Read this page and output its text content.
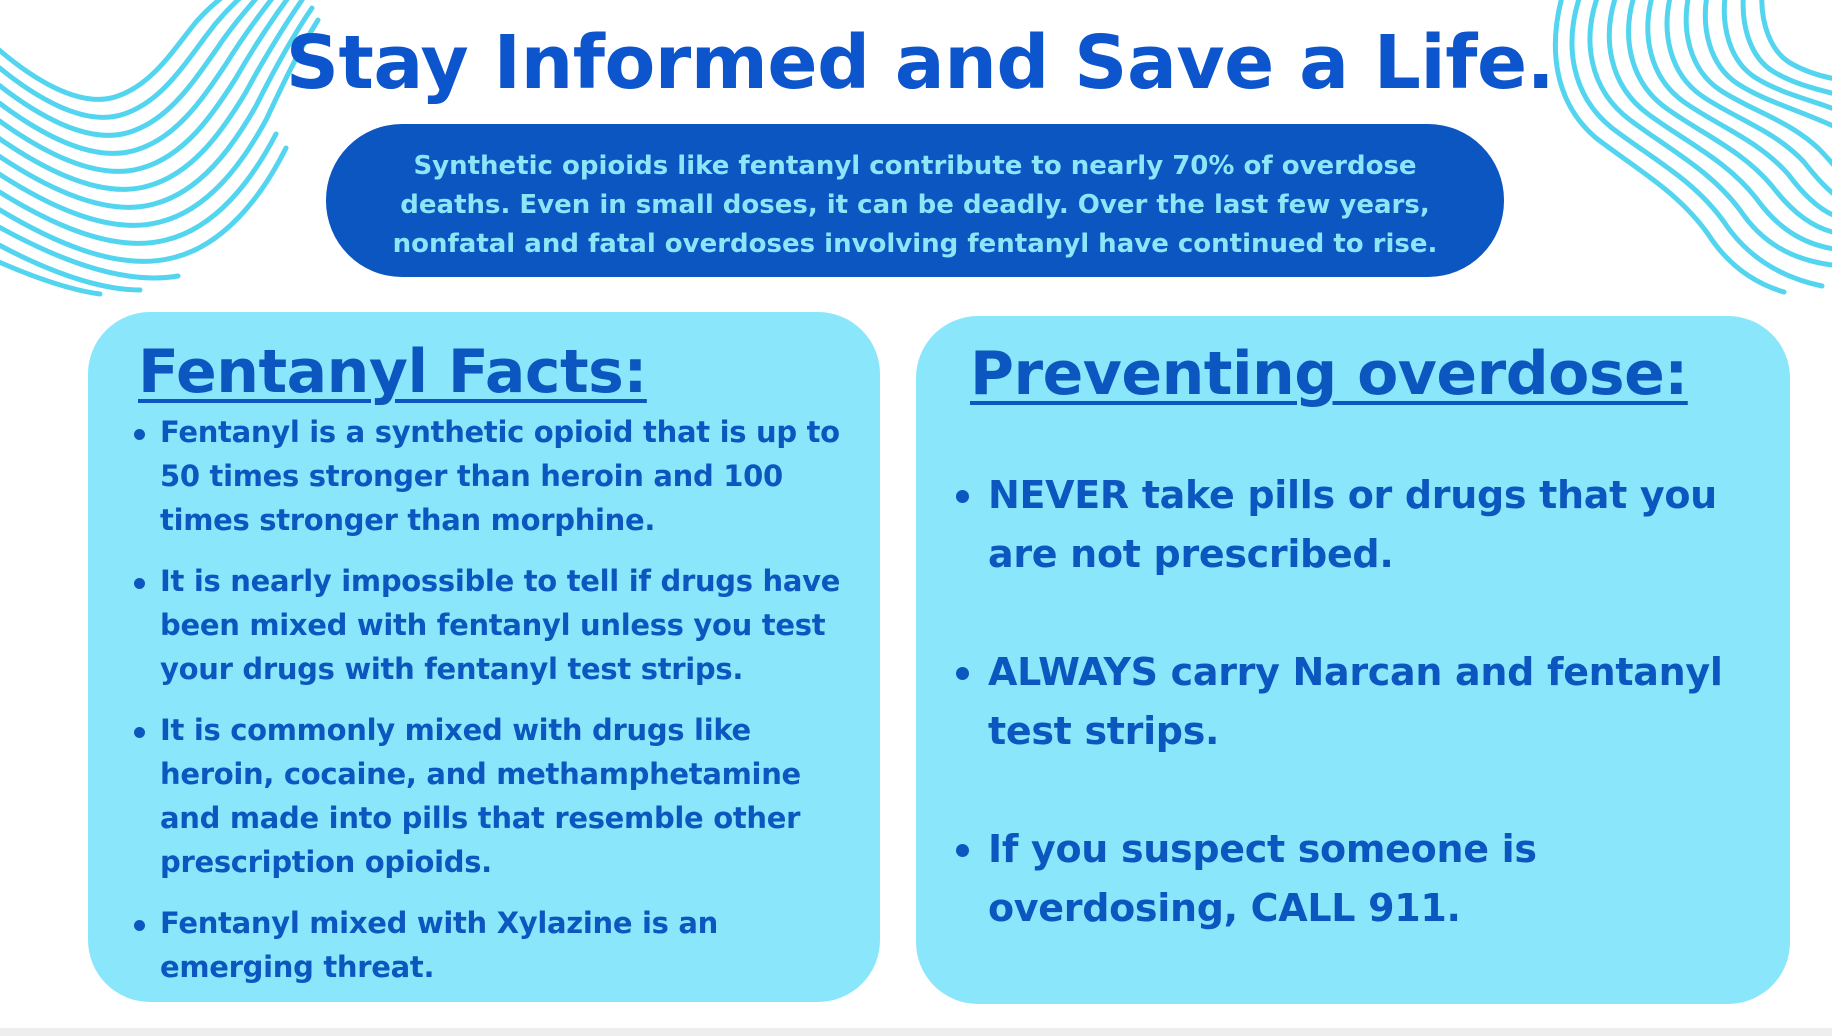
Stay Informed and Save a Life.
Synthetic opioids like fentanyl contribute to nearly 70% of overdose deaths. Even in small doses, it can be deadly. Over the last few years, nonfatal and fatal overdoses involving fentanyl have continued to rise.
Fentanyl Facts:
Fentanyl is a synthetic opioid that is up to 50 times stronger than heroin and 100 times stronger than morphine.
It is nearly impossible to tell if drugs have been mixed with fentanyl unless you test your drugs with fentanyl test strips.
It is commonly mixed with drugs like heroin, cocaine, and methamphetamine and made into pills that resemble other prescription opioids.
Fentanyl mixed with Xylazine is an emerging threat.
Preventing overdose:
NEVER take pills or drugs that you are not prescribed.
ALWAYS carry Narcan and fentanyl test strips.
If you suspect someone is overdosing, CALL 911.
